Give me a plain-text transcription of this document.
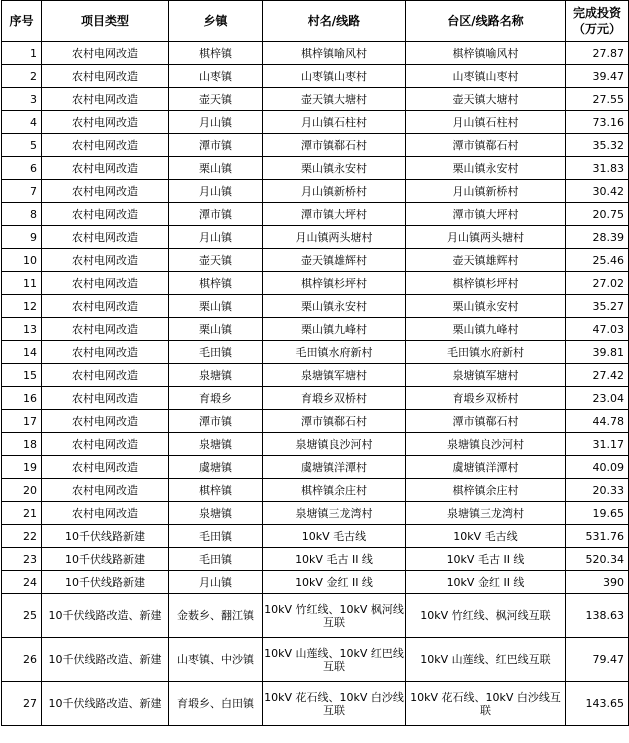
序号	项目类型	乡镇	村名/线路	台区/线路名称	完成投资（万元）
1	农村电网改造	棋梓镇	棋梓镇喻风村	棋梓镇喻风村	27.87
2	农村电网改造	山枣镇	山枣镇山枣村	山枣镇山枣村	39.47
3	农村电网改造	壶天镇	壶天镇大塘村	壶天镇大塘村	27.55
4	农村电网改造	月山镇	月山镇石柱村	月山镇石柱村	73.16
5	农村电网改造	潭市镇	潭市镇郗石村	潭市镇郗石村	35.32
6	农村电网改造	栗山镇	栗山镇永安村	栗山镇永安村	31.83
7	农村电网改造	月山镇	月山镇新桥村	月山镇新桥村	30.42
8	农村电网改造	潭市镇	潭市镇大坪村	潭市镇大坪村	20.75
9	农村电网改造	月山镇	月山镇两头塘村	月山镇两头塘村	28.39
10	农村电网改造	壶天镇	壶天镇雄辉村	壶天镇雄辉村	25.46
11	农村电网改造	棋梓镇	棋梓镇杉坪村	棋梓镇杉坪村	27.02
12	农村电网改造	栗山镇	栗山镇永安村	栗山镇永安村	35.27
13	农村电网改造	栗山镇	栗山镇九峰村	栗山镇九峰村	47.03
14	农村电网改造	毛田镇	毛田镇水府新村	毛田镇水府新村	39.81
15	农村电网改造	泉塘镇	泉塘镇军塘村	泉塘镇军塘村	27.42
16	农村电网改造	育塅乡	育塅乡双桥村	育塅乡双桥村	23.04
17	农村电网改造	潭市镇	潭市镇郗石村	潭市镇郗石村	44.78
18	农村电网改造	泉塘镇	泉塘镇良沙河村	泉塘镇良沙河村	31.17
19	农村电网改造	虞塘镇	虞塘镇洋潭村	虞塘镇洋潭村	40.09
20	农村电网改造	棋梓镇	棋梓镇余庄村	棋梓镇余庄村	20.33
21	农村电网改造	泉塘镇	泉塘镇三龙湾村	泉塘镇三龙湾村	19.65
22	10千伏线路新建	毛田镇	10kV 毛古线	10kV 毛古线	531.76
23	10千伏线路新建	毛田镇	10kV 毛古 II 线	10kV 毛古 II 线	520.34
24	10千伏线路新建	月山镇	10kV 金红 II 线	10kV 金红 II 线	390
25	10千伏线路改造、新建	金薮乡、翻江镇	10kV 竹红线、10kV 枫河线互联	10kV 竹红线、枫河线互联	138.63
26	10千伏线路改造、新建	山枣镇、中沙镇	10kV 山莲线、10kV 红巴线互联	10kV 山莲线、红巴线互联	79.47
27	10千伏线路改造、新建	育塅乡、白田镇	10kV 花石线、10kV 白沙线互联	10kV 花石线、10kV 白沙线互联	143.65
